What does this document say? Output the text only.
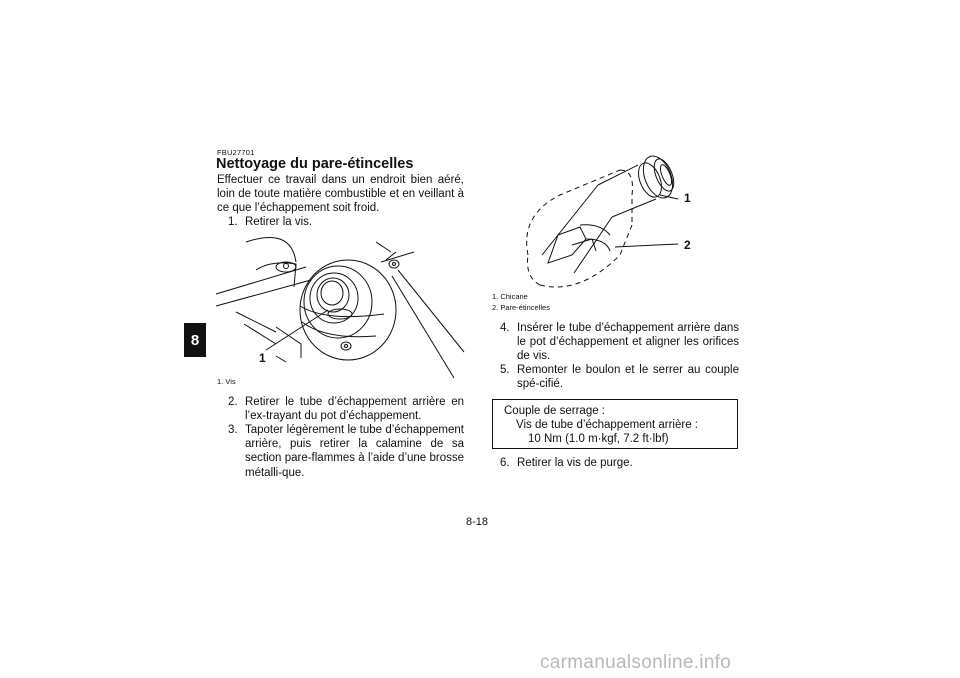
8
FBU27701
Nettoyage du pare-étincelles
Effectuer ce travail dans un endroit bien aéré, loin de toute matière combustible et en veillant à ce que l’échappement soit froid.
1. Retirer la vis.
1
1. Vis
2. Retirer le tube d’échappement arrière en l’ex-trayant du pot d’échappement.
3. Tapoter légèrement le tube d’échappement arrière, puis retirer la calamine de sa section pare-flammes à l’aide d’une brosse métalli-que.
1
2
1. Chicane
2. Pare-étincelles
4. Insérer le tube d’échappement arrière dans le pot d’échappement et aligner les orifices de vis.
5. Remonter le boulon et le serrer au couple spé-cifié.
Couple de serrage :
Vis de tube d’échappement arrière :
10 Nm (1.0 m·kgf, 7.2 ft·lbf)
6. Retirer la vis de purge.
8-18
carmanualsonline.info
